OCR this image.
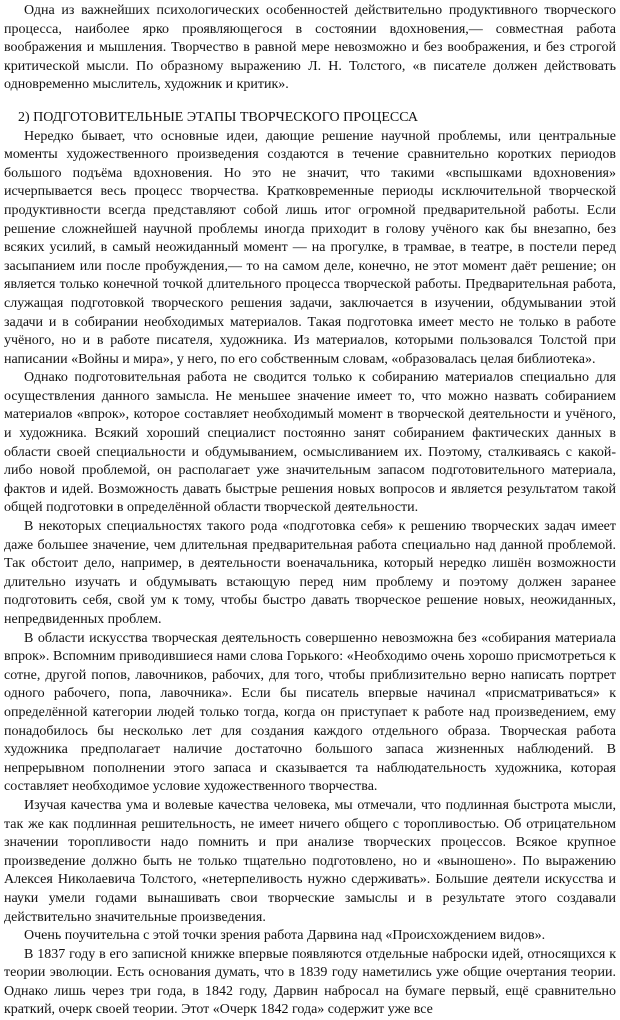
Одна из важнейших психологических особенностей действительно продуктивного творческого процесса, наиболее ярко проявляющегося в состоянии вдохновения,— совместная работа воображения и мышления. Творчество в равной мере невозможно и без воображения, и без строгой критической мысли. По образному выражению Л. Н. Толстого, «в писателе должен действовать одновременно мыслитель, художник и критик».

2) ПОДГОТОВИТЕЛЬНЫЕ ЭТАПЫ ТВОРЧЕСКОГО ПРОЦЕССА

Нередко бывает, что основные идеи, дающие решение научной проблемы, или центральные моменты художественного произведения создаются в течение сравнительно коротких периодов большого подъёма вдохновения. Но это не значит, что такими «вспышками вдохновения» исчерпывается весь процесс творчества. Кратковременные периоды исключительной творческой продуктивности всегда представляют собой лишь итог огромной предварительной работы. Если решение сложнейшей научной проблемы иногда приходит в голову учёного как бы внезапно, без всяких усилий, в самый неожиданный момент — на прогулке, в трамвае, в театре, в постели перед засыпанием или после пробуждения,— то на самом деле, конечно, не этот момент даёт решение; он является только конечной точкой длительного процесса творческой работы. Предварительная работа, служащая подготовкой творческого решения задачи, заключается в изучении, обдумывании этой задачи и в собирании необходимых материалов. Такая подготовка имеет место не только в работе учёного, но и в работе писателя, художника. Из материалов, которыми пользовался Толстой при написании «Войны и мира», у него, по его собственным словам, «образовалась целая библиотека».

Однако подготовительная работа не сводится только к собиранию материалов специально для осуществления данного замысла. Не меньшее значение имеет то, что можно назвать собиранием материалов «впрок», которое составляет необходимый момент в творческой деятельности и учёного, и художника. Всякий хороший специалист постоянно занят собиранием фактических данных в области своей специальности и обдумыванием, осмысливанием их. Поэтому, сталкиваясь с какой-либо новой проблемой, он располагает уже значительным запасом подготовительного материала, фактов и идей. Возможность давать быстрые решения новых вопросов и является результатом такой общей подготовки в определённой области творческой деятельности.

В некоторых специальностях такого рода «подготовка себя» к решению творческих задач имеет даже большее значение, чем длительная предварительная работа специально над данной проблемой. Так обстоит дело, например, в деятельности военачальника, который нередко лишён возможности длительно изучать и обдумывать встающую перед ним проблему и поэтому должен заранее подготовить себя, свой ум к тому, чтобы быстро давать творческое решение новых, неожиданных, непредвиденных проблем.

В области искусства творческая деятельность совершенно невозможна без «собирания материала впрок». Вспомним приводившиеся нами слова Горького: «Необходимо очень хорошо присмотреться к сотне, другой попов, лавочников, рабочих, для того, чтобы приблизительно верно написать портрет одного рабочего, попа, лавочника». Если бы писатель впервые начинал «присматриваться» к определённой категории людей только тогда, когда он приступает к работе над произведением, ему понадобилось бы несколько лет для создания каждого отдельного образа. Творческая работа художника предполагает наличие достаточно большого запаса жизненных наблюдений. В непрерывном пополнении этого запаса и сказывается та наблюдательность художника, которая составляет необходимое условие художественного творчества.

Изучая качества ума и волевые качества человека, мы отмечали, что подлинная быстрота мысли, так же как подлинная решительность, не имеет ничего общего с торопливостью. Об отрицательном значении торопливости надо помнить и при анализе творческих процессов. Всякое крупное произведение должно быть не только тщательно подготовлено, но и «выношено». По выражению Алексея Николаевича Толстого, «нетерпеливость нужно сдерживать». Большие деятели искусства и науки умели годами вынашивать свои творческие замыслы и в результате этого создавали действительно значительные произведения.

Очень поучительна с этой точки зрения работа Дарвина над «Происхождением видов».

В 1837 году в его записной книжке впервые появляются отдельные наброски идей, относящихся к теории эволюции. Есть основания думать, что в 1839 году наметились уже общие очертания теории. Однако лишь через три года, в 1842 году, Дарвин набросал на бумаге первый, ещё сравнительно краткий, очерк своей теории. Этот «Очерк 1842 года» содержит уже все
